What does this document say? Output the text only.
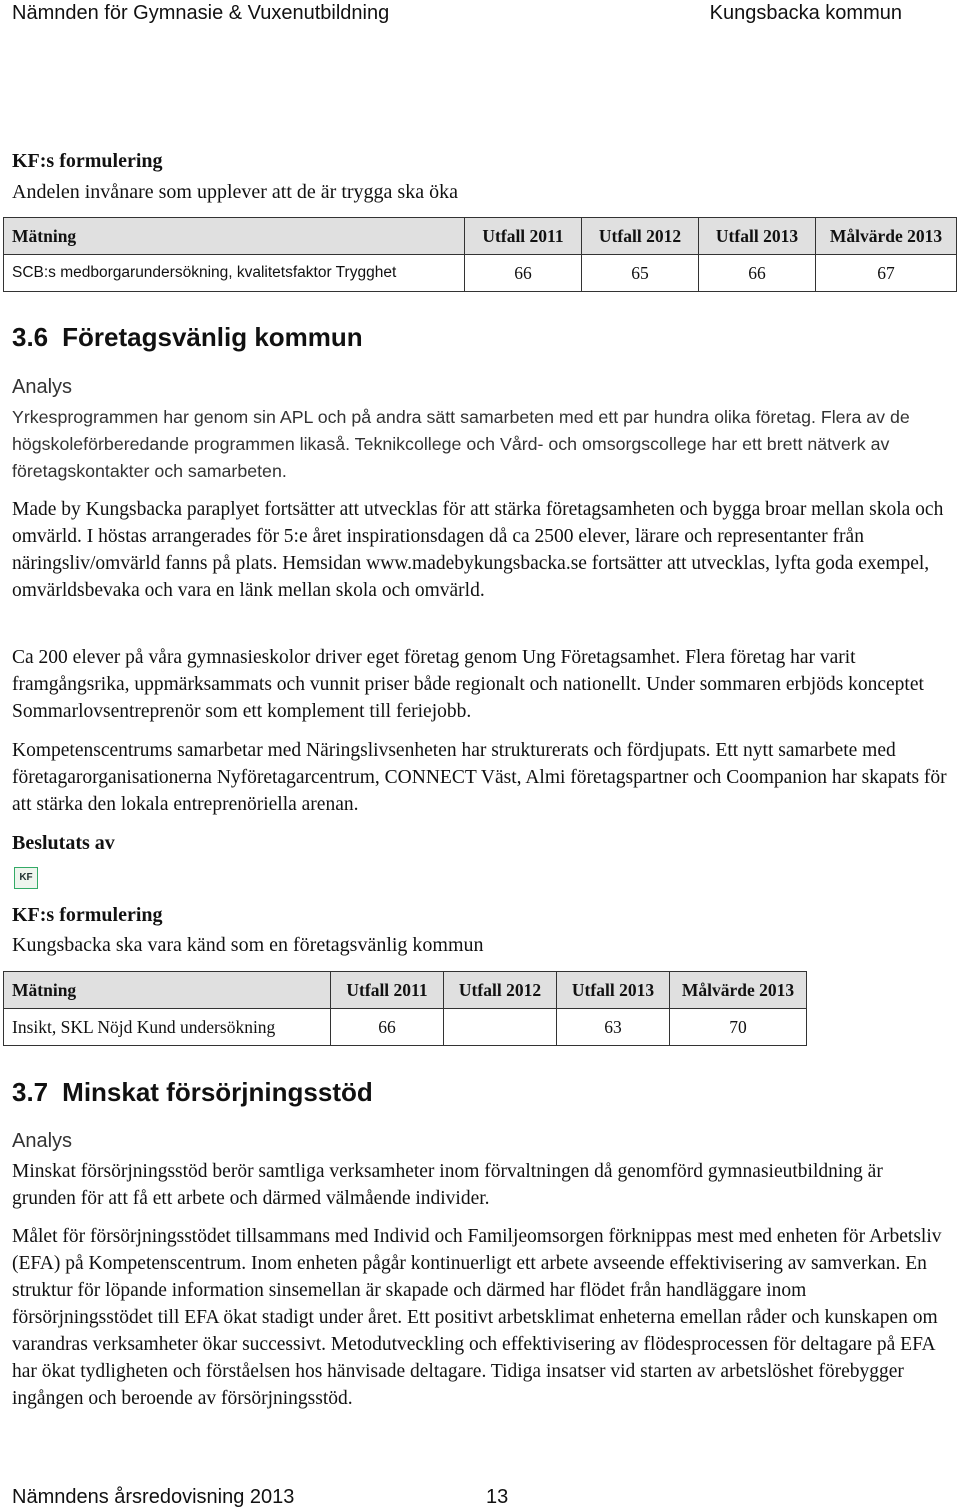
Nämnden för Gymnasie & Vuxenutbildning	Kungsbacka kommun
KF:s formulering
Andelen invånare som upplever att de är trygga ska öka
Mätning	Utfall 2011	Utfall 2012	Utfall 2013	Målvärde 2013
SCB:s medborgarundersökning, kvalitetsfaktor Trygghet	66	65	66	67
3.6 Företagsvänlig kommun
Analys
Yrkesprogrammen har genom sin APL och på andra sätt samarbeten med ett par hundra olika företag. Flera av de högskoleförberedande programmen likaså. Teknikcollege och Vård- och omsorgscollege har ett brett nätverk av företagskontakter och samarbeten.
Made by Kungsbacka paraplyet fortsätter att utvecklas för att stärka företagsamheten och bygga broar mellan skola och omvärld. I höstas arrangerades för 5:e året inspirationsdagen då ca 2500 elever, lärare och representanter från näringsliv/omvärld fanns på plats. Hemsidan www.madebykungsbacka.se fortsätter att utvecklas, lyfta goda exempel, omvärldsbevaka och vara en länk mellan skola och omvärld.
Ca 200 elever på våra gymnasieskolor driver eget företag genom Ung Företagsamhet. Flera företag har varit framgångsrika, uppmärksammats och vunnit priser både regionalt och nationellt. Under sommaren erbjöds konceptet Sommarlovsentreprenör som ett komplement till feriejobb.
Kompetenscentrums samarbetar med Näringslivsenheten har strukturerats och fördjupats. Ett nytt samarbete med företagarorganisationerna Nyföretagarcentrum, CONNECT Väst, Almi företagspartner och Coompanion har skapats för att stärka den lokala entreprenöriella arenan.
Beslutats av
KF
KF:s formulering
Kungsbacka ska vara känd som en företagsvänlig kommun
Mätning	Utfall 2011	Utfall 2012	Utfall 2013	Målvärde 2013
Insikt, SKL Nöjd Kund undersökning	66		63	70
3.7 Minskat försörjningsstöd
Analys
Minskat försörjningsstöd berör samtliga verksamheter inom förvaltningen då genomförd gymnasieutbildning är grunden för att få ett arbete och därmed välmående individer.
Målet för försörjningsstödet tillsammans med Individ och Familjeomsorgen förknippas mest med enheten för Arbetsliv (EFA) på Kompetenscentrum. Inom enheten pågår kontinuerligt ett arbete avseende effektivisering av samverkan. En struktur för löpande information sinsemellan är skapade och därmed har flödet från handläggare inom försörjningsstödet till EFA ökat stadigt under året. Ett positivt arbetsklimat enheterna emellan råder och kunskapen om varandras verksamheter ökar successivt. Metodutveckling och effektivisering av flödesprocessen för deltagare på EFA har ökat tydligheten och förståelsen hos hänvisade deltagare. Tidiga insatser vid starten av arbetslöshet förebygger ingången och beroende av försörjningsstöd.
Nämndens årsredovisning 2013	13
